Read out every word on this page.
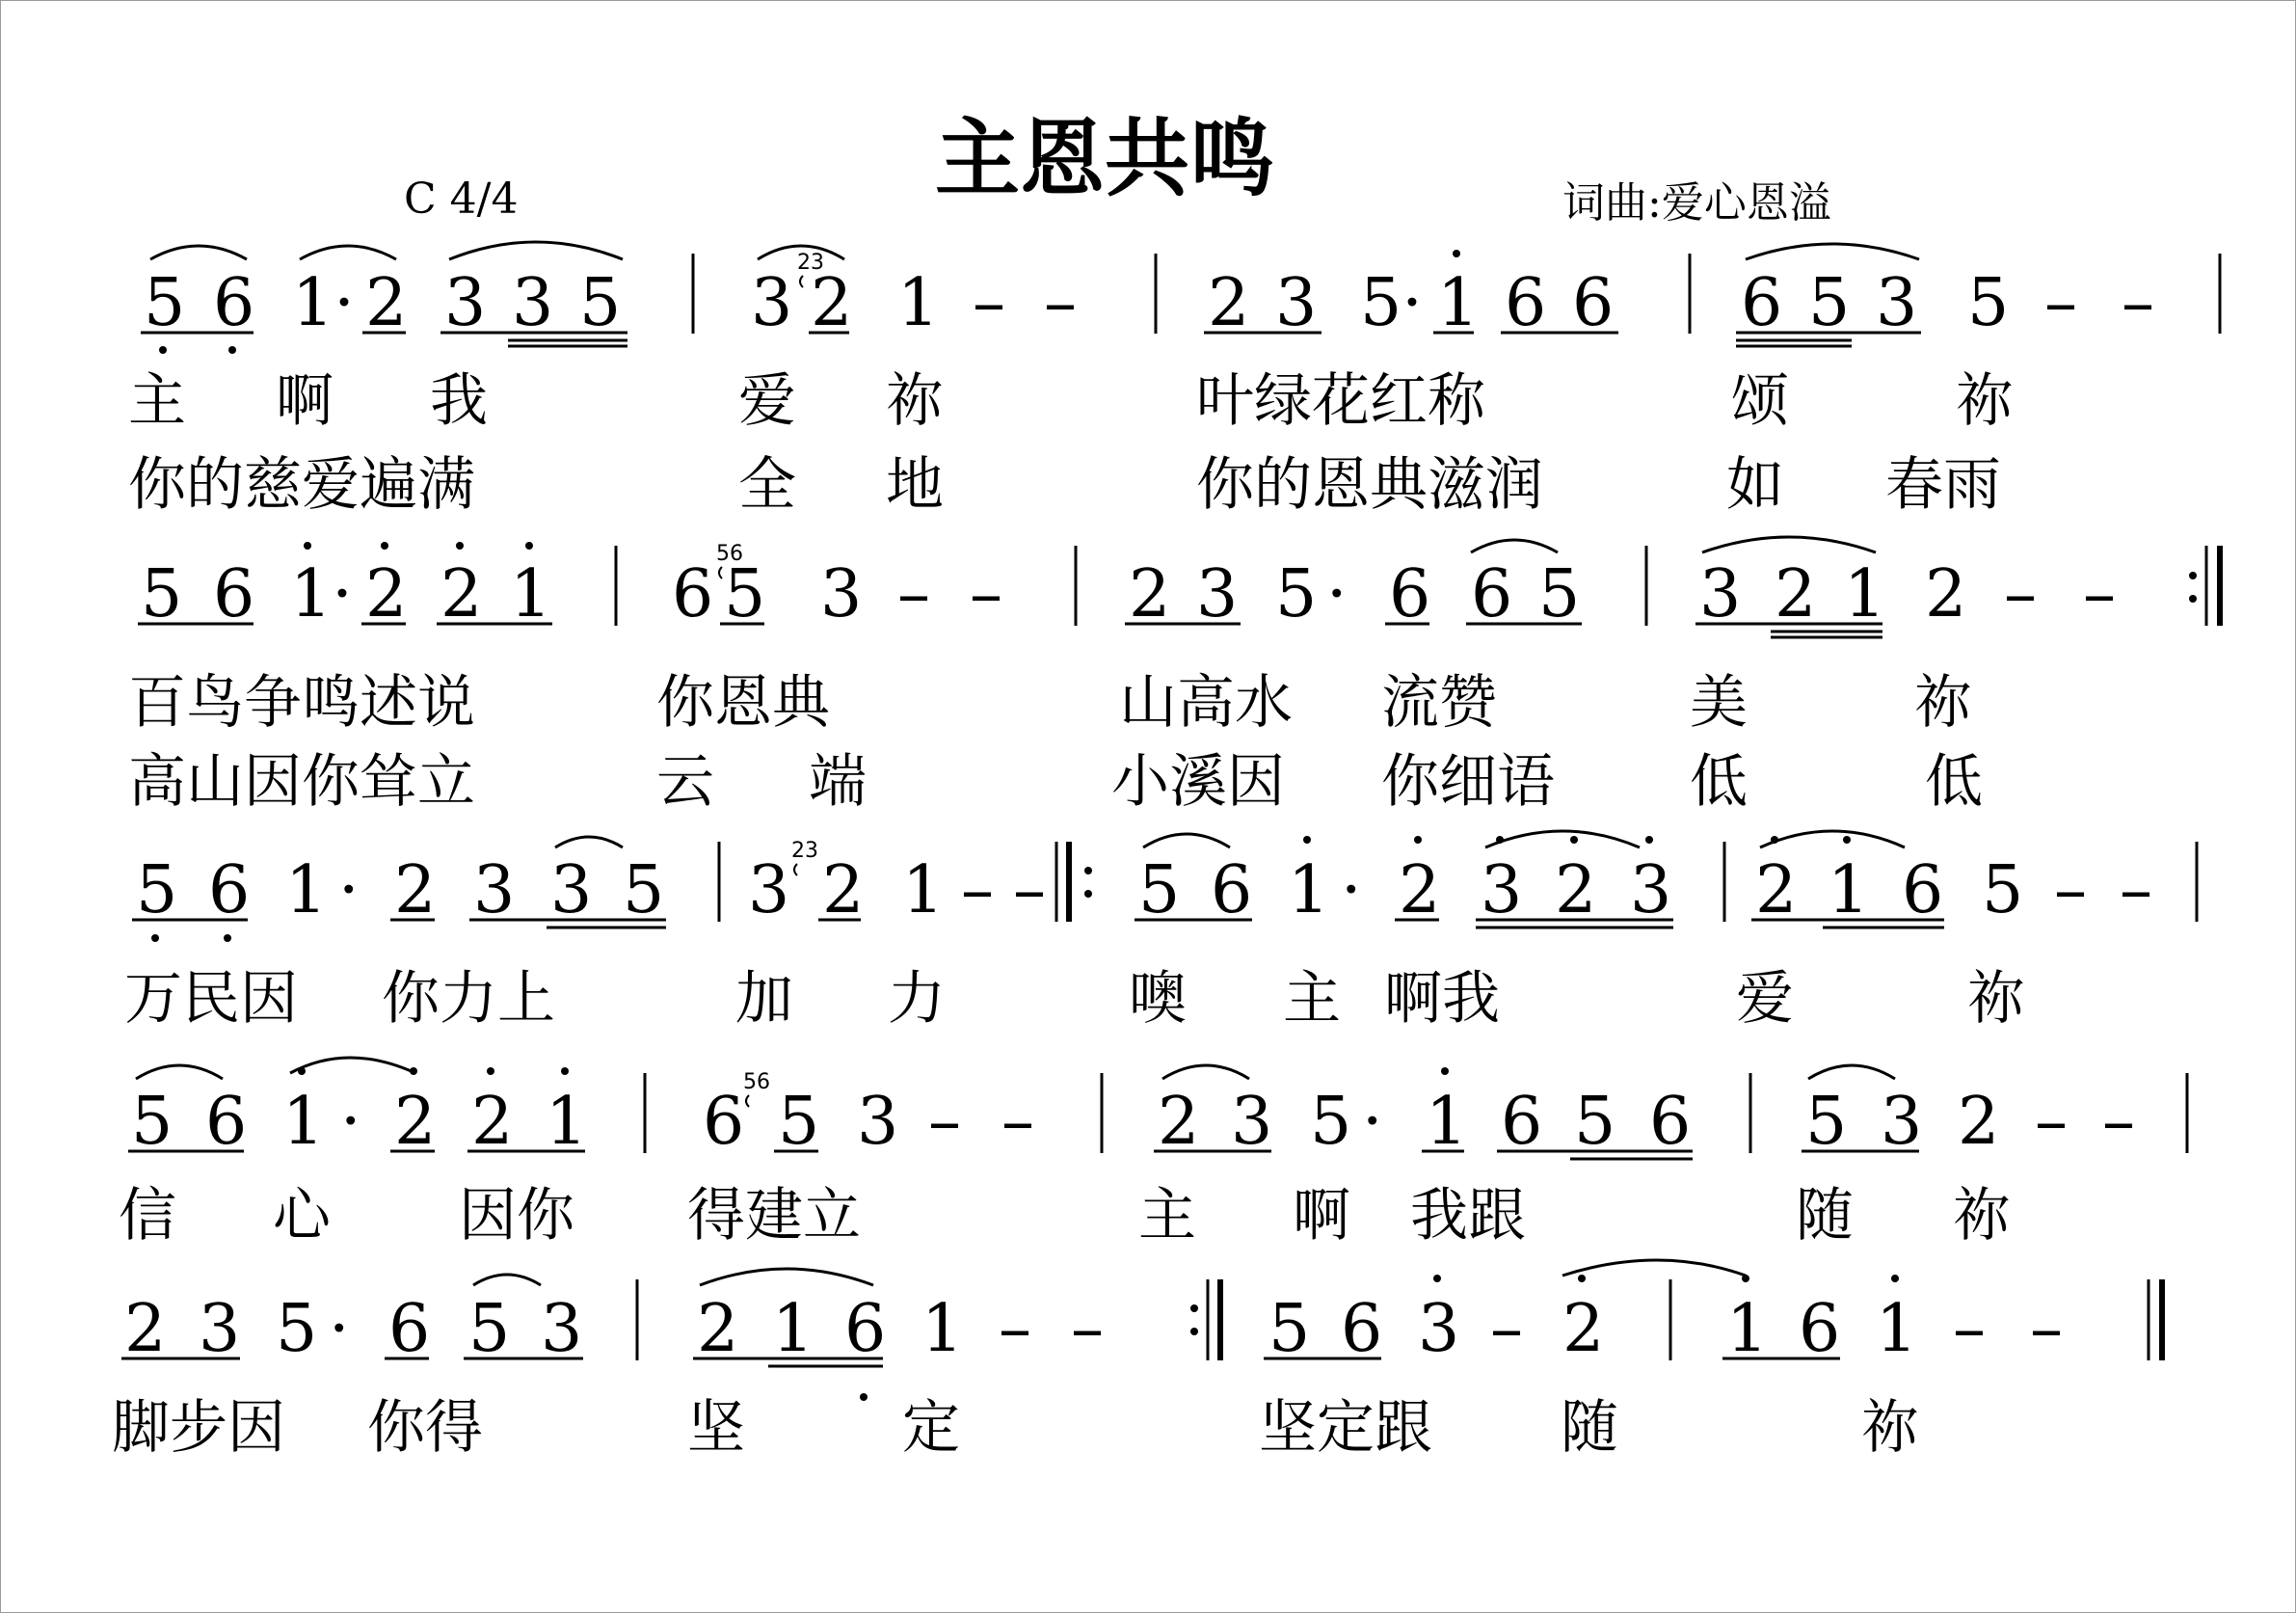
主恩共鸣
C 4/4	词曲:爱心恩溢
5 6 1· 2 3 3 5 3 2 1 – – 2 3 5· 1 6 6 6 5 3 5 – –
23
主 啊 我	爱 祢	叶绿花红称	颂	祢
你的慈爱遍满	全 地	你的恩典滋润	如 春雨
5 6 1· 2 2 1 6 5 3 – – 2 3 5 · 6 6 5 3 2 1 2 – –
56
百鸟争鸣述说	你恩典	山高水 流赞	美	祢
高山因你耸立	云 端	小溪因 你细语 低	低
5 6 1 · 2 3 3 5 3 2 1 – – 5 6 1 · 2 3 2 3 2 1 6 5 – –
23
万民因 你力上	加 力	噢 主 啊我	爱	祢
5 6 1 · 2 2 1 6 5 3 – – 2 3 5 · 1 6 5 6 5 3 2 – –
56
信 心 因你 得建立	主 啊 我跟	随 祢
2 3 5 · 6 5 3 2 1 6 1 – –	5 6 3 – 2 1 6 1 – –
脚步因 你得	坚	定	坚定跟 随	祢
